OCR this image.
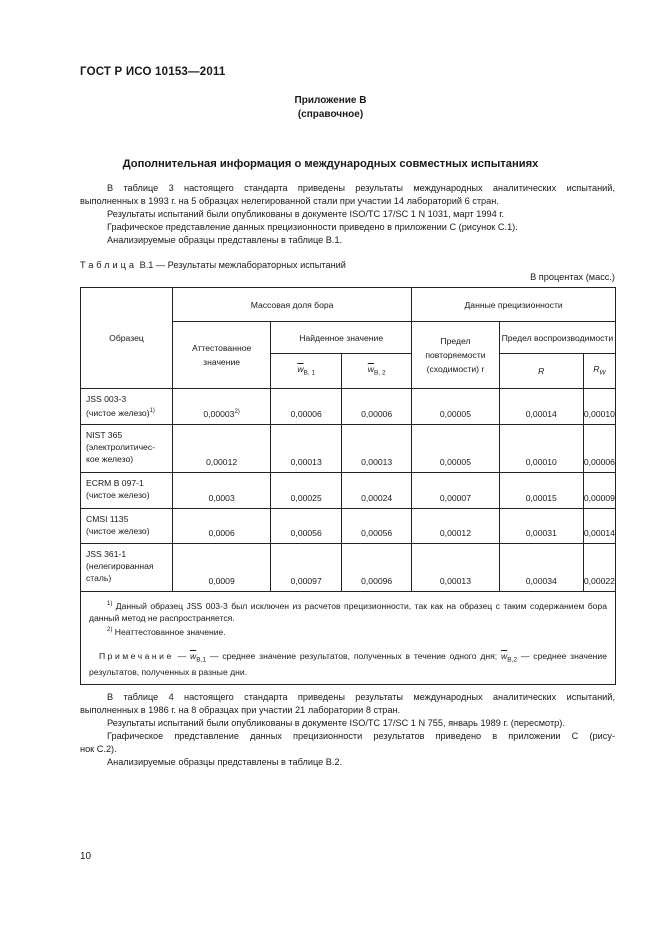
ГОСТ Р ИСО 10153—2011
Приложение В
(справочное)
Дополнительная информация о международных совместных испытаниях

В таблице 3 настоящего стандарта приведены результаты международных аналитических испытаний,

выполненных в 1993 г. на 5 образцах нелегированной стали при участии 14 лабораторий 6 стран.

Результаты испытаний были опубликованы в документе ISO/TC 17/SC 1 N 1031, март 1994 г.

Графическое представление данных прецизионности приведено в приложении С (рисунок С.1).

Анализируемые образцы представлены в таблице В.1.

Таблица В.1 — Результаты межлабораторных испытаний
В процентах (масс.)
Образец	Массовая доля бора			Данные прецизионности		
	Аттестованное значение	Найденное значение		Предел повторяемости (сходимости) r	Предел воспроизводимости	
		$\overline{w}_{B, 1}$	$\overline{w}_{B, 2}$		R	$R_W$
JSS 003-3
(чистое железо)$^{1)}$	0,00003$^{2)}$	0,00006	0,00006	0,00005	0,00014	0,00010
NIST 365
(электролитичес-
кое железо)	0,00012	0,00013	0,00013	0,00005	0,00010	0,00006
ECRM B 097-1
(чистое железо)	0,0003	0,00025	0,00024	0,00007	0,00015	0,00009
CMSI 1135
(чистое железо)	0,0006	0,00056	0,00056	0,00012	0,00031	0,00014
JSS 361-1
(нелегированная
сталь)	0,0009	0,00097	0,00096	0,00013	0,00034	0,00022

$^{1)}$ Данный образец JSS 003-3 был исключен из расчетов прецизионности, так как на образец с таким содержанием бора данный метод не распространяется.

$^{2)}$ Неаттестованное значение.

Примечание — $\overline{w}_{B,1}$ — среднее значение результатов, полученных в течение одного дня; $\overline{w}_{B,2}$ — среднее значение результатов, полученных в разные дни.						

В таблице 4 настоящего стандарта приведены результаты международных аналитических испытаний,

выполненных в 1986 г. на 8 образцах при участии 21 лаборатории 8 стран.

Результаты испытаний были опубликованы в документе ISO/TC 17/SC 1 N 755, январь 1989 г. (пересмотр).

Графическое представление данных прецизионности результатов приведено в приложении С (рису-

нок С.2).

Анализируемые образцы представлены в таблице В.2.

10
